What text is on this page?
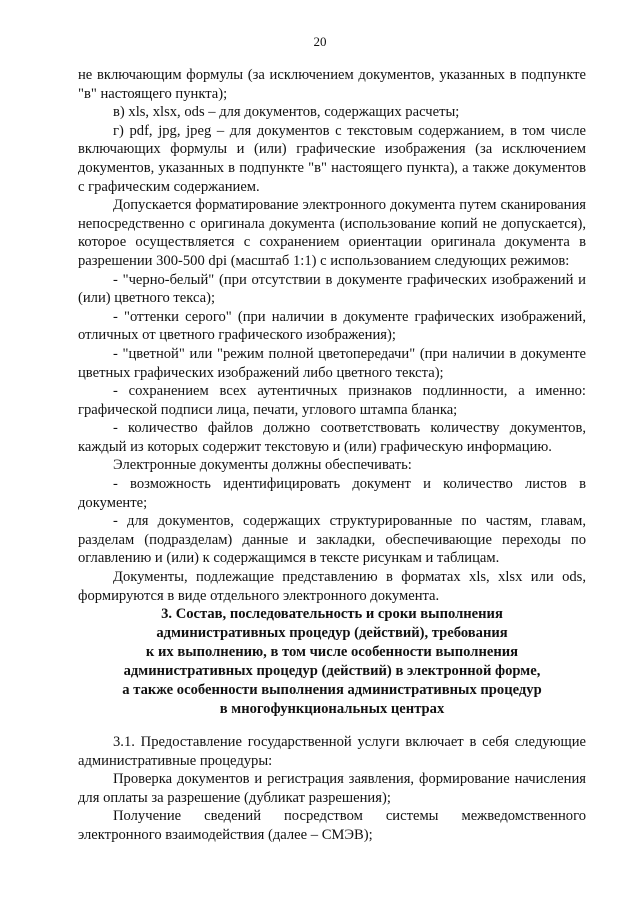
20

не включающим формулы (за исключением документов, указанных в подпункте "в" настоящего пункта);

в) xls, xlsx, ods – для документов, содержащих расчеты;

г) pdf, jpg, jpeg – для документов с текстовым содержанием, в том числе включающих формулы и (или) графические изображения (за исключением документов, указанных в подпункте "в" настоящего пункта), а также документов с графическим содержанием.

Допускается форматирование электронного документа путем сканирования непосредственно с оригинала документа (использование копий не допускается), которое осуществляется с сохранением ориентации оригинала документа в разрешении 300-500 dpi (масштаб 1:1) с использованием следующих режимов:

- "черно-белый" (при отсутствии в документе графических изображений и (или) цветного текса);

- "оттенки серого" (при наличии в документе графических изображений, отличных от цветного графического изображения);

- "цветной" или "режим полной цветопередачи" (при наличии в документе цветных графических изображений либо цветного текста);

- сохранением всех аутентичных признаков подлинности, а именно: графической подписи лица, печати, углового штампа бланка;

- количество файлов должно соответствовать количеству документов, каждый из которых содержит текстовую и (или) графическую информацию.

Электронные документы должны обеспечивать:

- возможность идентифицировать документ и количество листов в документе;

- для документов, содержащих структурированные по частям, главам, разделам (подразделам) данные и закладки, обеспечивающие переходы по оглавлению и (или) к содержащимся в тексте рисункам и таблицам.

Документы, подлежащие представлению в форматах xls, xlsx или ods, формируются в виде отдельного электронного документа.

3. Состав, последовательность и сроки выполнения
административных процедур (действий), требования
к их выполнению, в том числе особенности выполнения
административных процедур (действий) в электронной форме,
а также особенности выполнения административных процедур
в многофункциональных центрах

3.1. Предоставление государственной услуги включает в себя следующие административные процедуры:

Проверка документов и регистрация заявления, формирование начисления для оплаты за разрешение (дубликат разрешения);

Получение сведений посредством системы межведомственного электронного взаимодействия (далее – СМЭВ);
